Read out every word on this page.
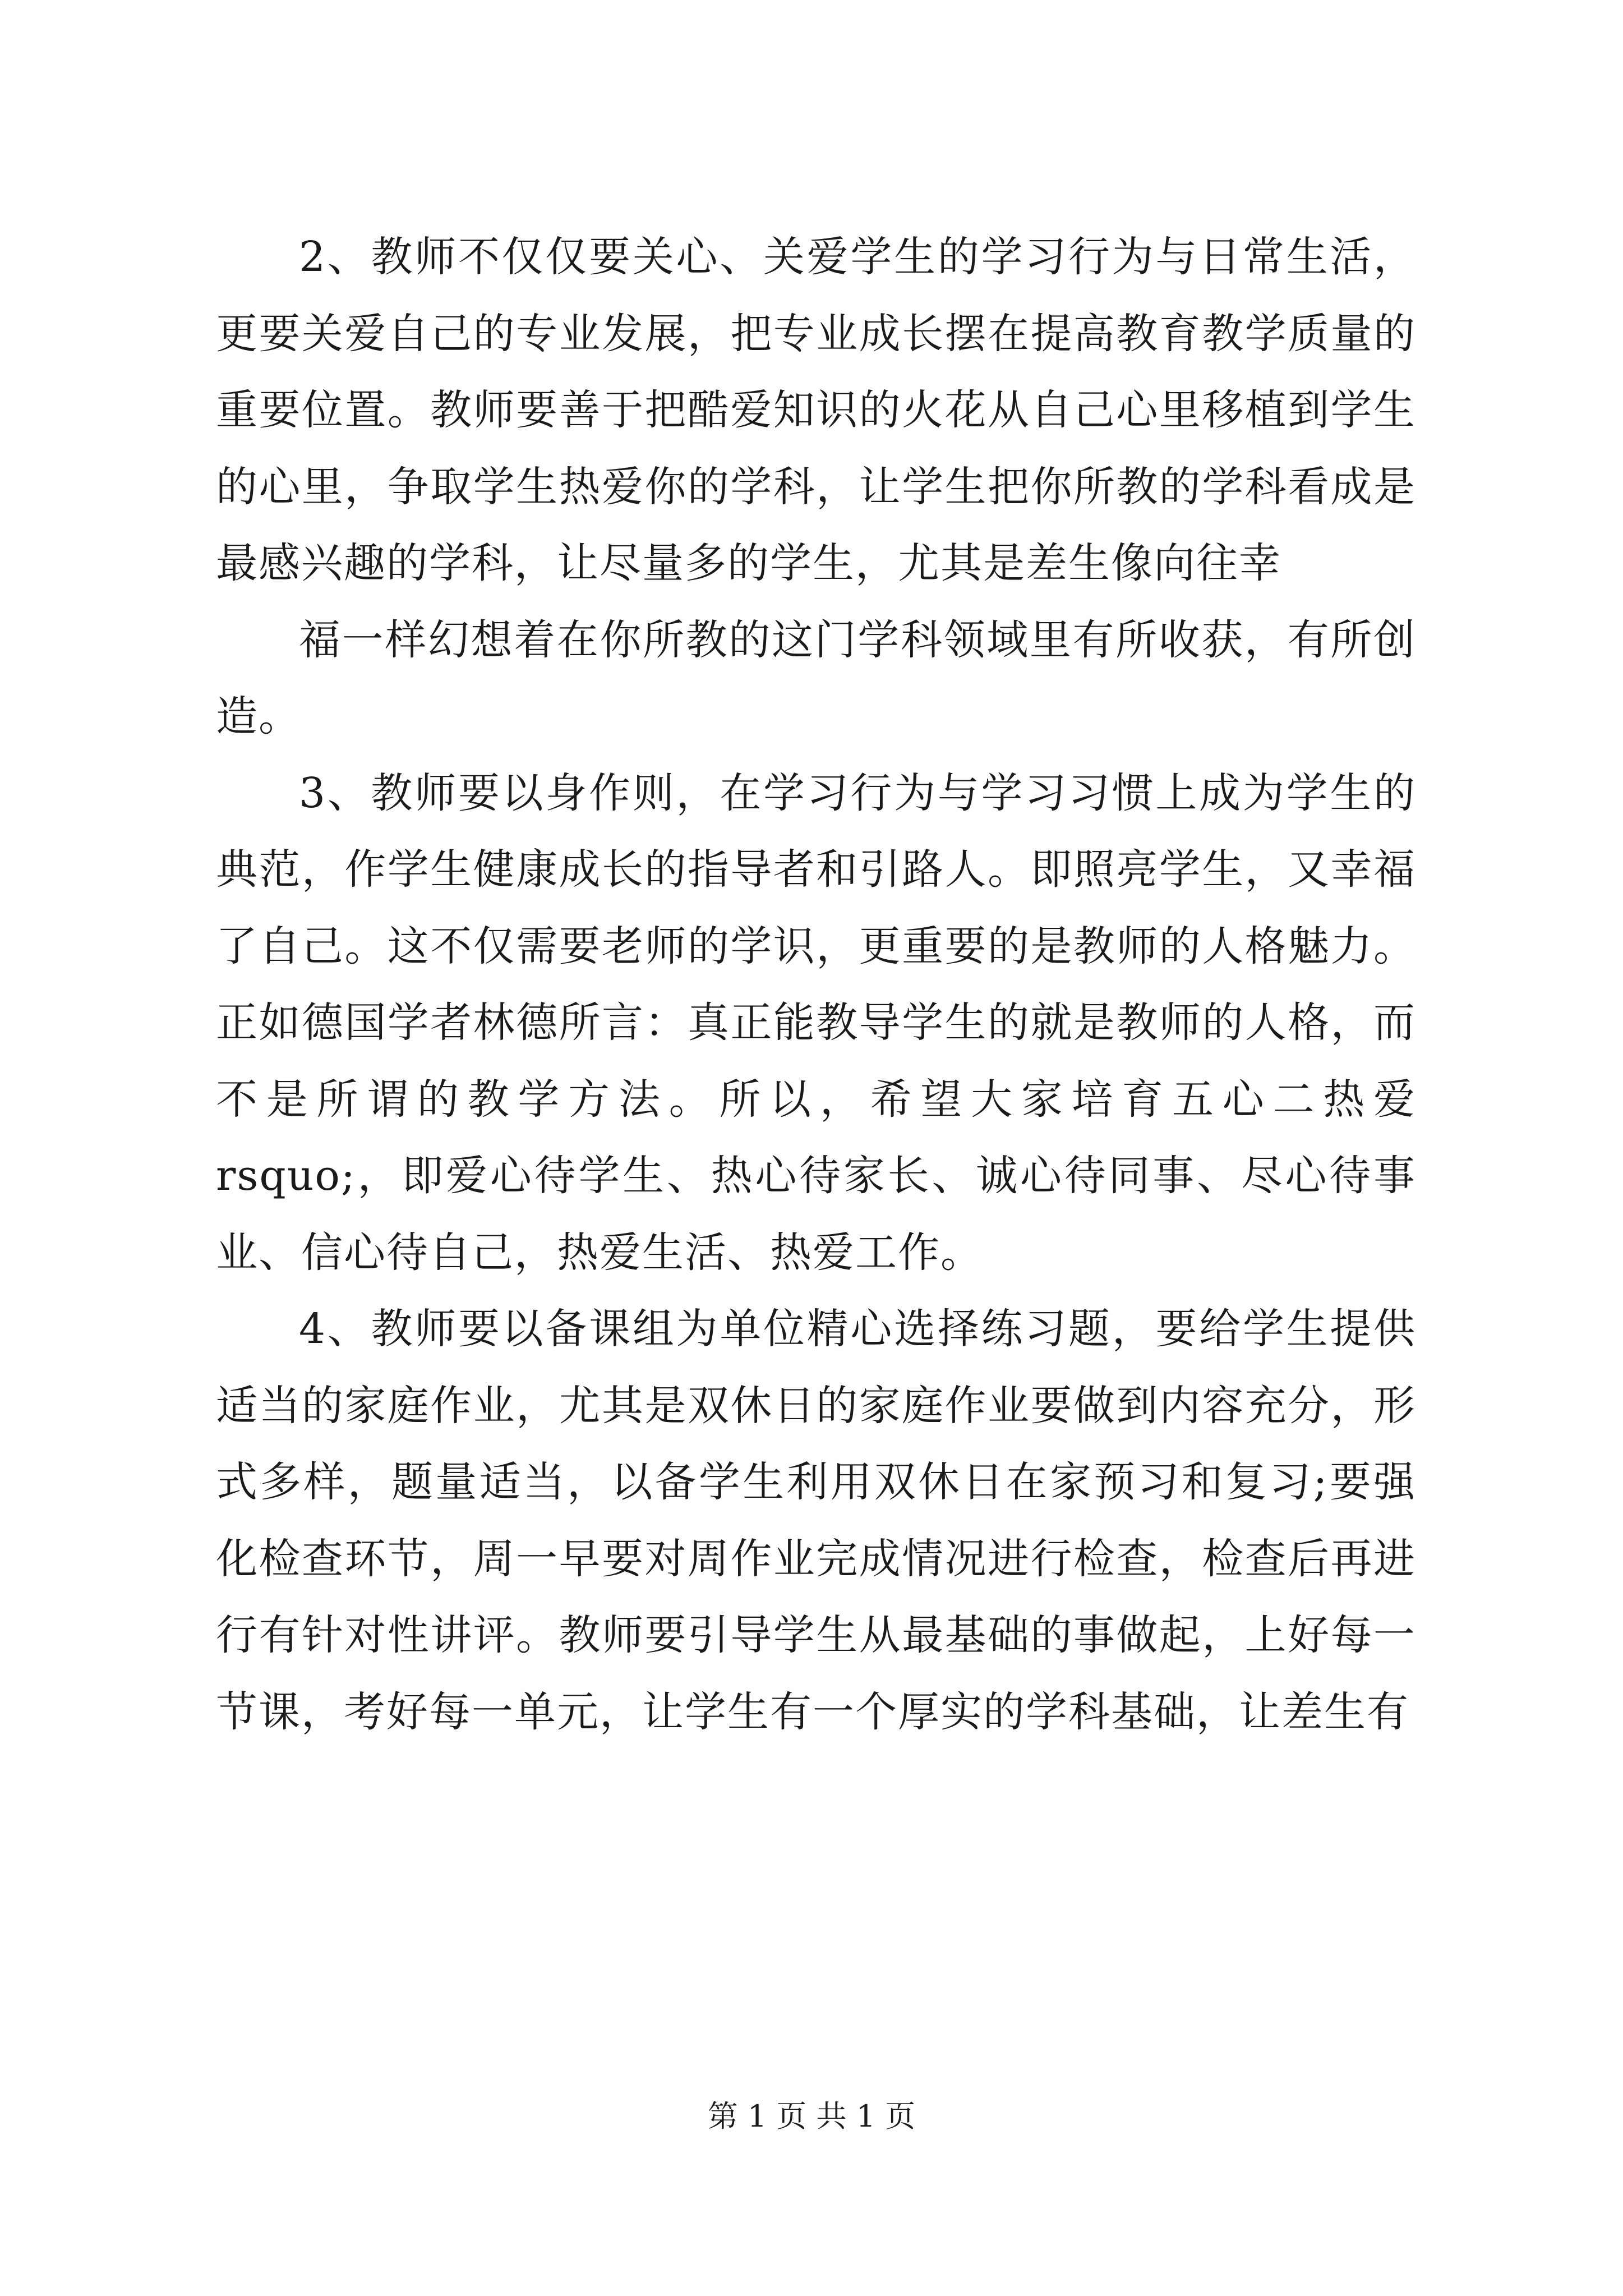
2、教师不仅仅要关心、关爱学生的学习行为与日常生活，更要关爱自己的专业发展，把专业成长摆在提高教育教学质量的重要位置。教师要善于把酷爱知识的火花从自己心里移植到学生的心里，争取学生热爱你的学科，让学生把你所教的学科看成是最感兴趣的学科，让尽量多的学生，尤其是差生像向往幸

福一样幻想着在你所教的这门学科领域里有所收获，有所创造。

3、教师要以身作则，在学习行为与学习习惯上成为学生的典范，作学生健康成长的指导者和引路人。即照亮学生，又幸福了自己。这不仅需要老师的学识，更重要的是教师的人格魅力。正如德国学者林德所言：真正能教导学生的就是教师的人格，而不是所谓的教学方法。所以，希望大家培育五心二热爱rsquo;，即爱心待学生、热心待家长、诚心待同事、尽心待事业、信心待自己，热爱生活、热爱工作。

4、教师要以备课组为单位精心选择练习题，要给学生提供适当的家庭作业，尤其是双休日的家庭作业要做到内容充分，形式多样，题量适当，以备学生利用双休日在家预习和复习;要强化检查环节，周一早要对周作业完成情况进行检查，检查后再进行有针对性讲评。教师要引导学生从最基础的事做起，上好每一节课，考好每一单元，让学生有一个厚实的学科基础，让差生有

第 1 页 共 1 页
